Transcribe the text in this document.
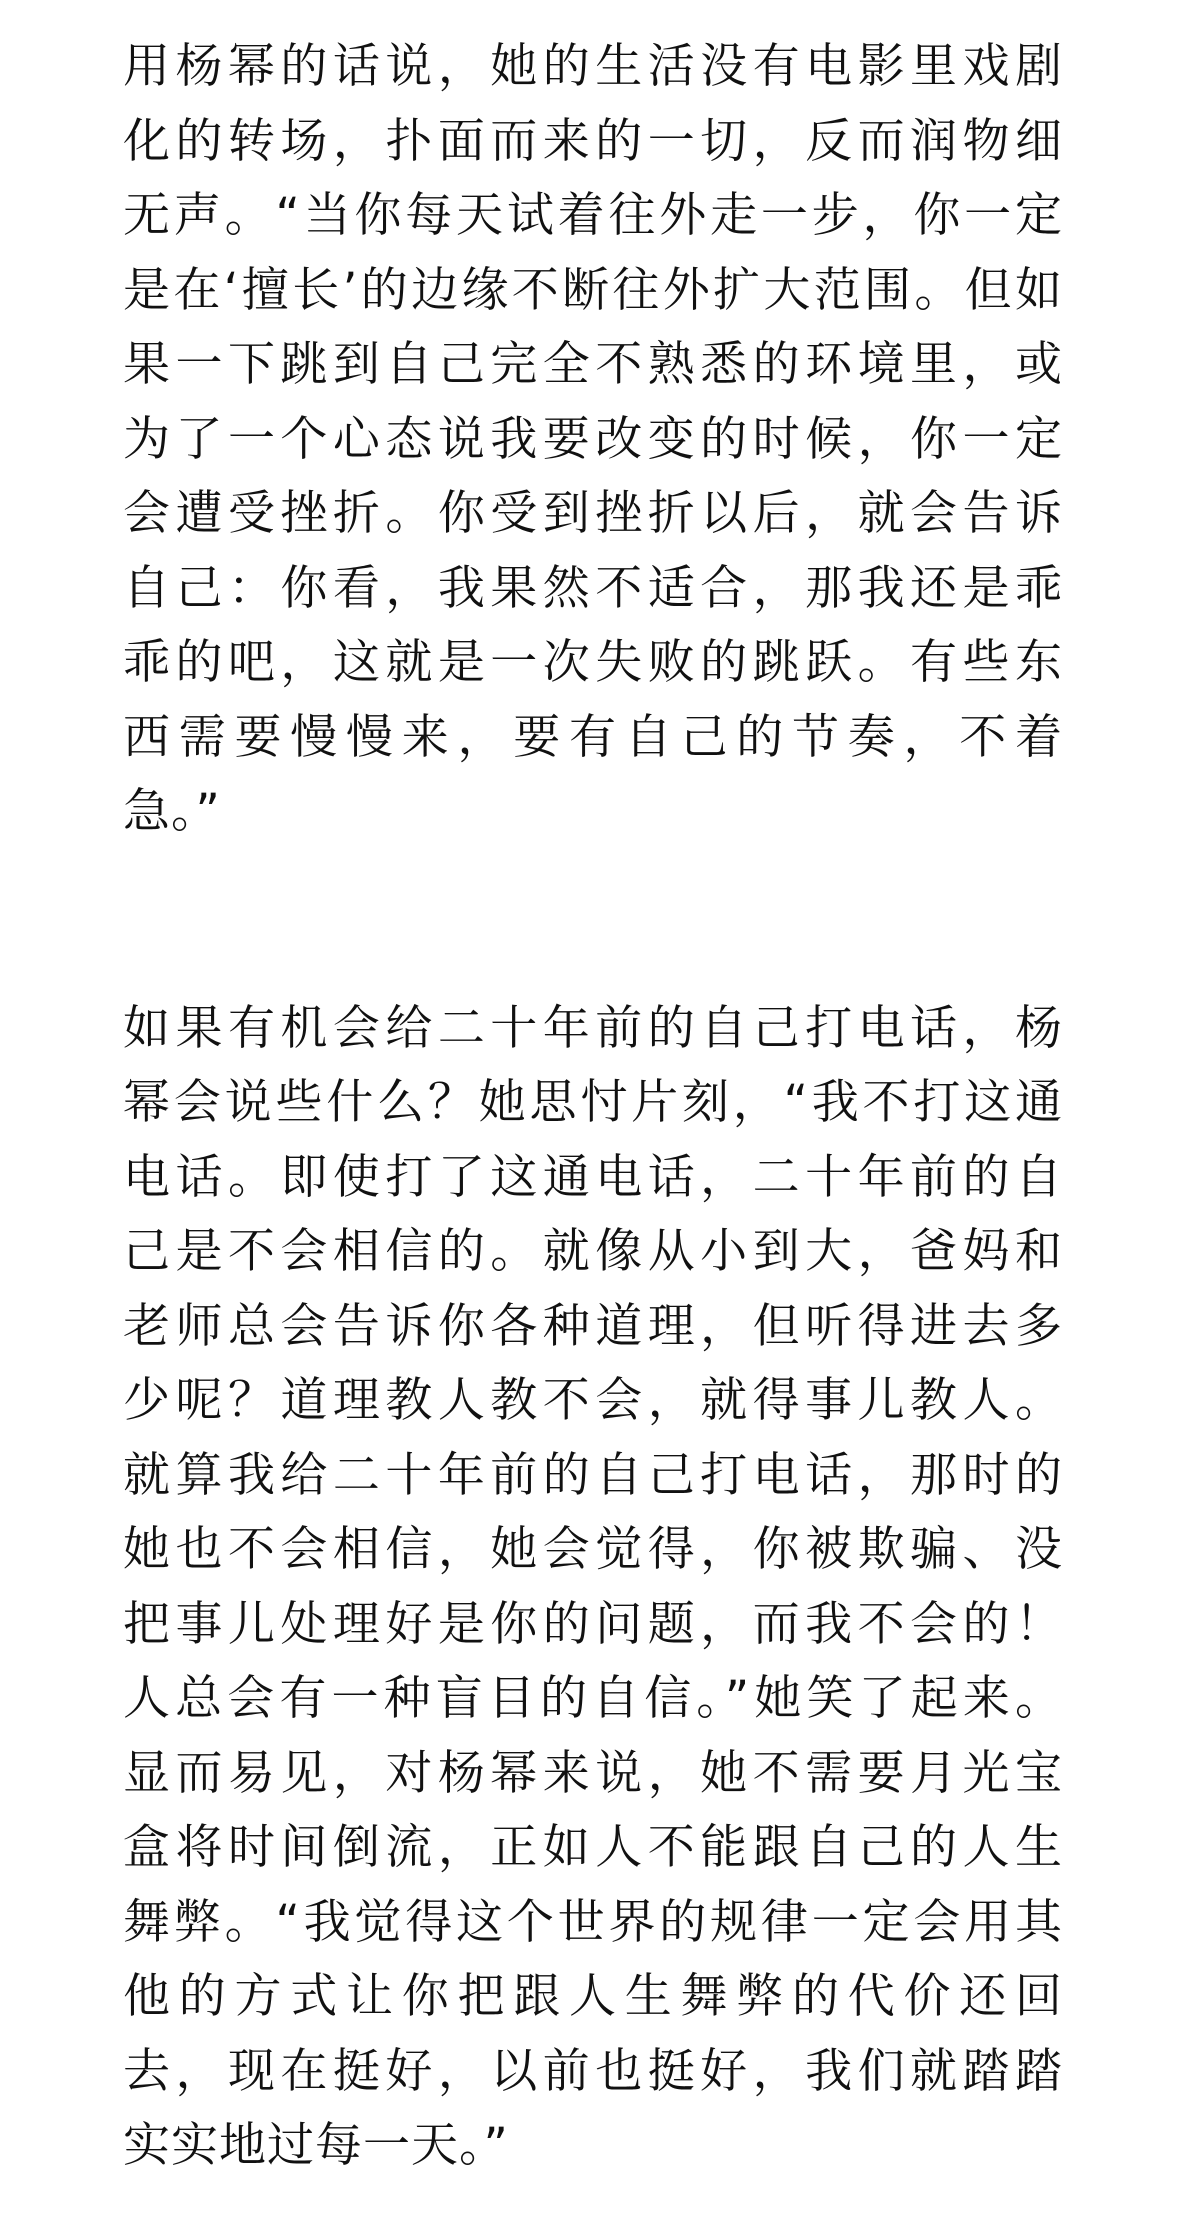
用杨幂的话说，她的生活没有电影里戏剧
化的转场，扑面而来的一切，反而润物细
无声。“当你每天试着往外走一步，你一定
是在‘擅长’的边缘不断往外扩大范围。但如
果一下跳到自己完全不熟悉的环境里，或
为了一个心态说我要改变的时候，你一定
会遭受挫折。你受到挫折以后，就会告诉
自己：你看，我果然不适合，那我还是乖
乖的吧，这就是一次失败的跳跃。有些东
西需要慢慢来，要有自己的节奏，不着
急。”
如果有机会给二十年前的自己打电话，杨
幂会说些什么？她思忖片刻，“我不打这通
电话。即使打了这通电话，二十年前的自
己是不会相信的。就像从小到大，爸妈和
老师总会告诉你各种道理，但听得进去多
少呢？道理教人教不会，就得事儿教人。
就算我给二十年前的自己打电话，那时的
她也不会相信，她会觉得，你被欺骗、没
把事儿处理好是你的问题，而我不会的！
人总会有一种盲目的自信。”她笑了起来。
显而易见，对杨幂来说，她不需要月光宝
盒将时间倒流，正如人不能跟自己的人生
舞弊。“我觉得这个世界的规律一定会用其
他的方式让你把跟人生舞弊的代价还回
去，现在挺好，以前也挺好，我们就踏踏
实实地过每一天。”
